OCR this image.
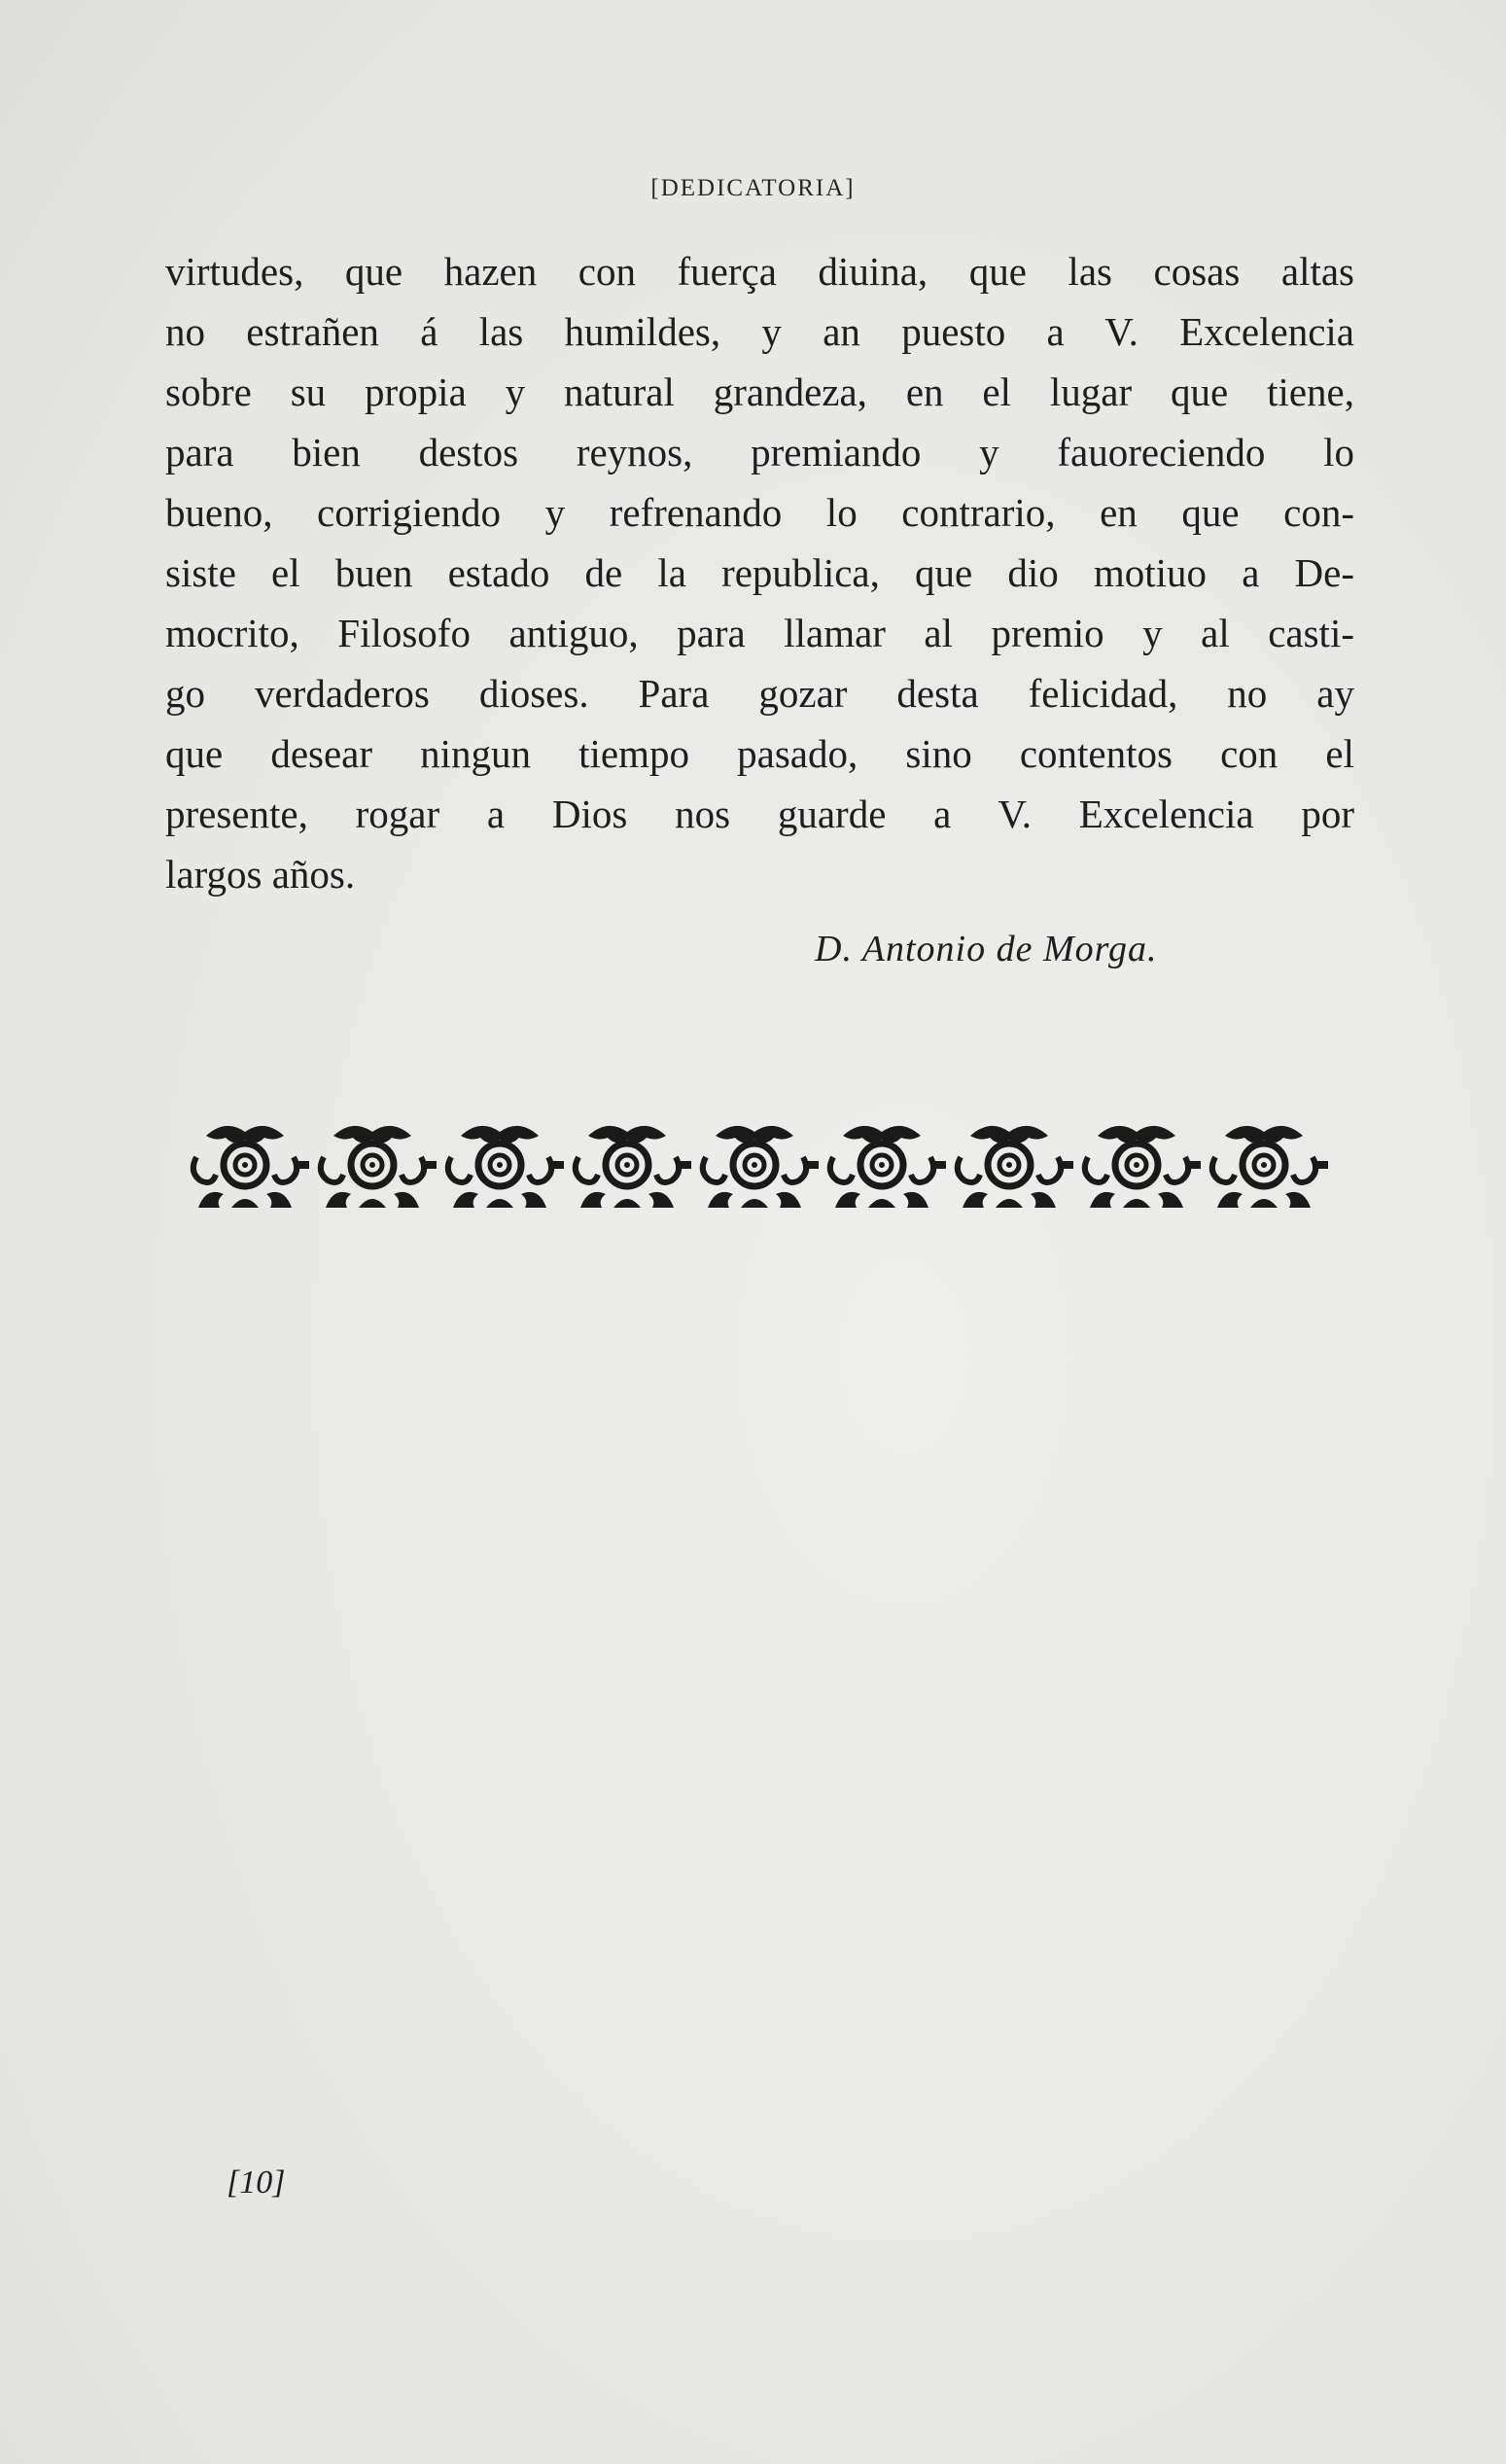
[DEDICATORIA]
virtudes, que hazen con fuerça diuina, que las cosas altas
no estrañen á las humildes, y an puesto a V. Excelencia
sobre su propia y natural grandeza, en el lugar que tiene,
para bien destos reynos, premiando y fauoreciendo lo
bueno, corrigiendo y refrenando lo contrario, en que con-
siste el buen estado de la republica, que dio motiuo a De-
mocrito, Filosofo antiguo, para llamar al premio y al casti-
go verdaderos dioses. Para gozar desta felicidad, no ay
que desear ningun tiempo pasado, sino contentos con el
presente, rogar a Dios nos guarde a V. Excelencia por
largos años.
D. Antonio de Morga.
[10]
